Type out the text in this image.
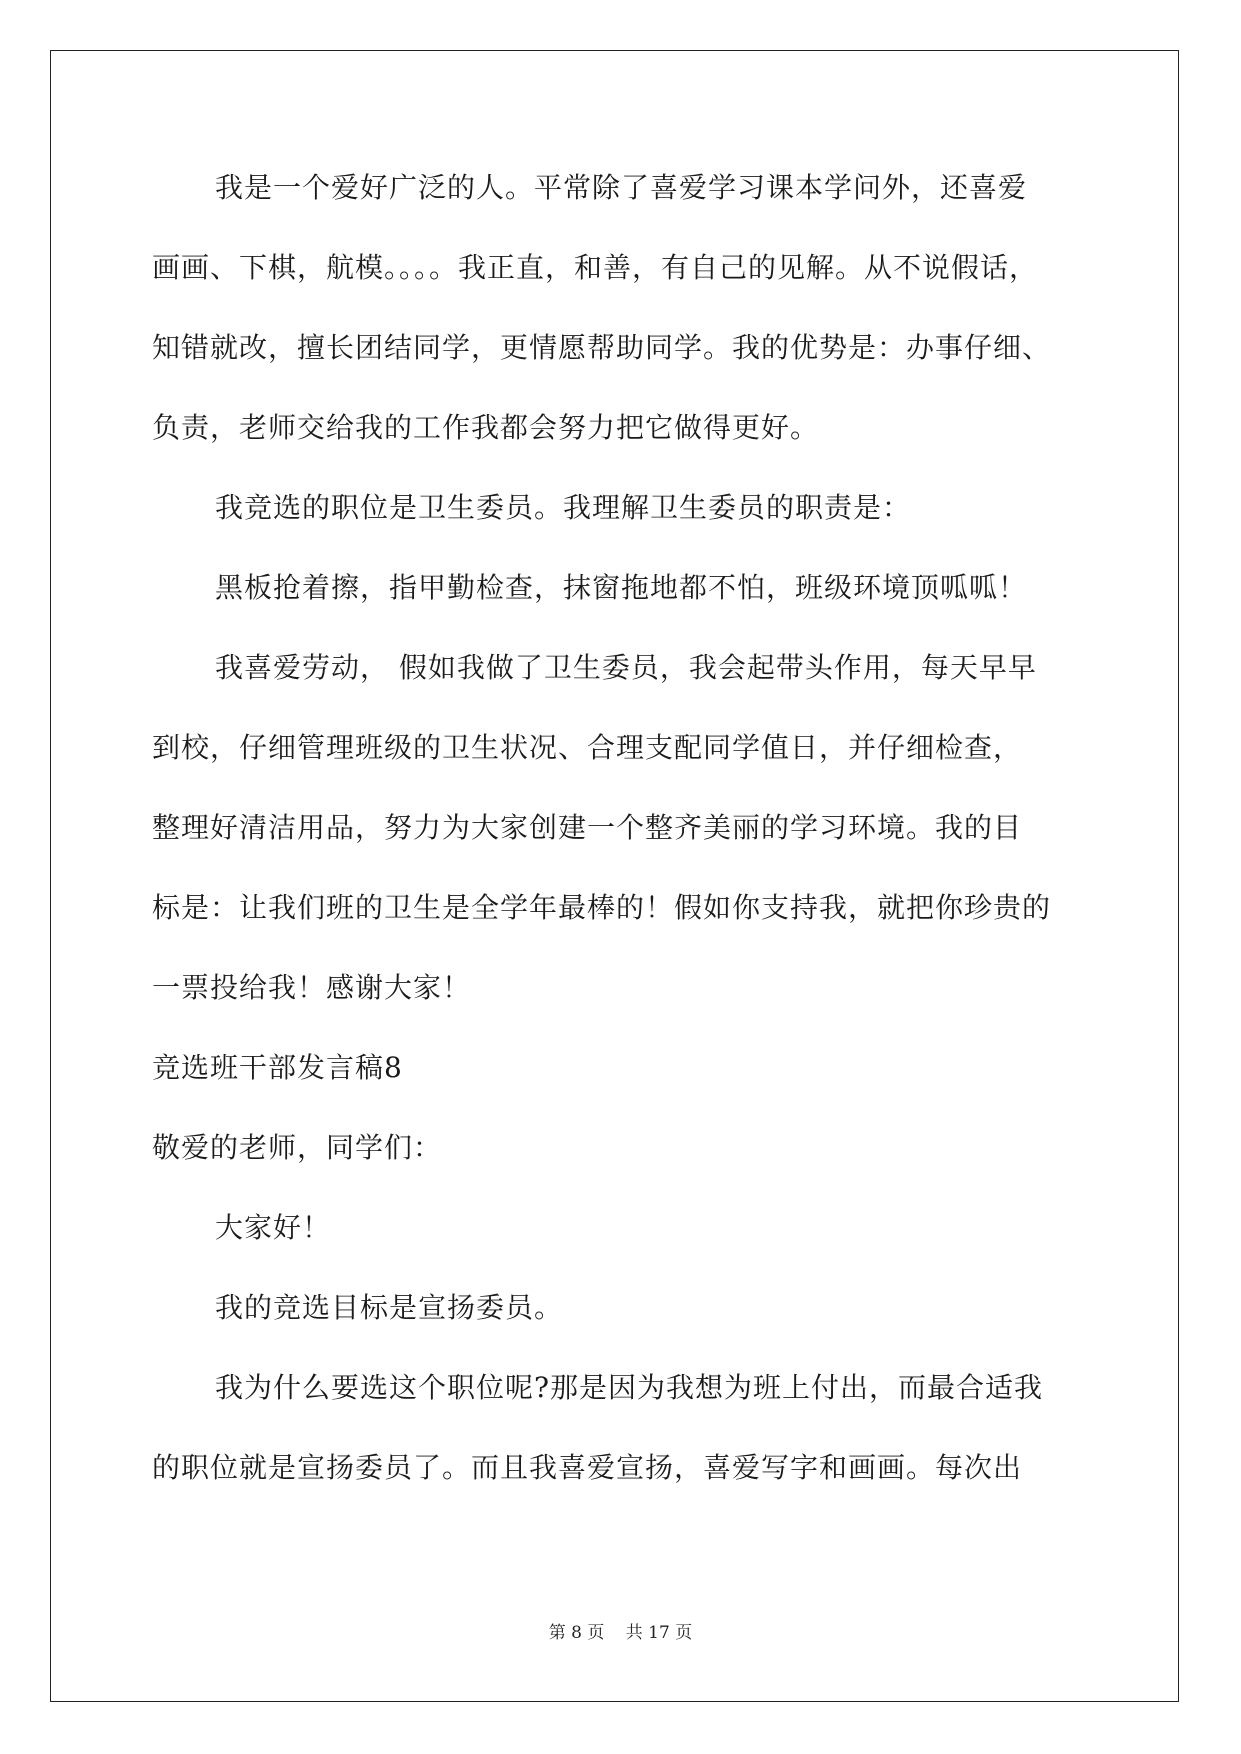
我是一个爱好广泛的人。平常除了喜爱学习课本学问外，还喜爱

画画、下棋，航模。。。。我正直，和善，有自己的见解。从不说假话，

知错就改，擅长团结同学，更情愿帮助同学。我的优势是：办事仔细、

负责，老师交给我的工作我都会努力把它做得更好。

我竞选的职位是卫生委员。我理解卫生委员的职责是：

黑板抢着擦，指甲勤检查，抹窗拖地都不怕，班级环境顶呱呱！

我喜爱劳动， 假如我做了卫生委员，我会起带头作用，每天早早

到校，仔细管理班级的卫生状况、合理支配同学值日，并仔细检查，

整理好清洁用品，努力为大家创建一个整齐美丽的学习环境。我的目

标是：让我们班的卫生是全学年最棒的！假如你支持我，就把你珍贵的

一票投给我！感谢大家！

竞选班干部发言稿8

敬爱的老师，同学们：

大家好！

我的竞选目标是宣扬委员。

我为什么要选这个职位呢?那是因为我想为班上付出，而最合适我

的职位就是宣扬委员了。而且我喜爱宣扬，喜爱写字和画画。每次出

第 8 页 共 17 页
